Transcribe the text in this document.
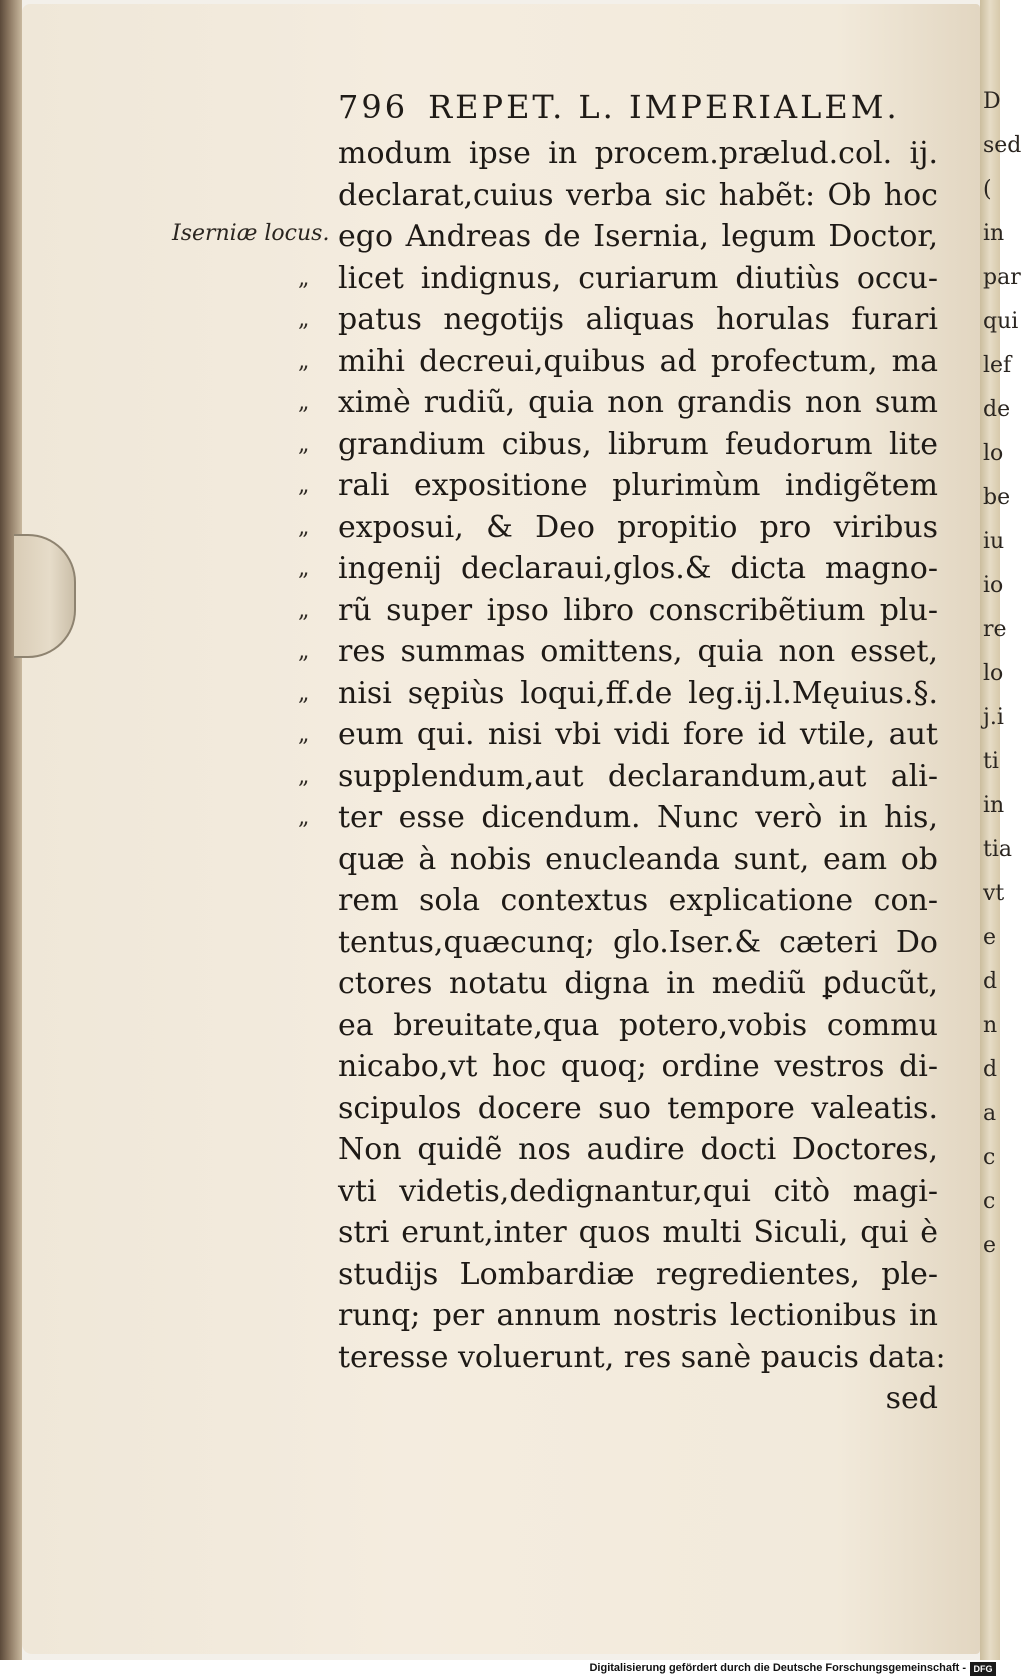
D
sed
(
in
par
qui
lef
de
lo
be
iu
io
re
lo
j.i
ti
in
tia
vt
e
d
n
d
a
c
c
e
796 REPET. L. IMPERIALEM.
Iserniæ locus.
modum ipse in procem.prælud.col. ij.
declarat,cuius verba sic habẽt: Ob hoc
ego Andreas de Isernia, legum Doctor,
„ licet indignus, curiarum diutiùs occu-
„ patus negotijs aliquas horulas furari
„ mihi decreui,quibus ad profectum, ma
„ ximè rudiũ, quia non grandis non sum
„ grandium cibus, librum feudorum lite
„ rali expositione plurimùm indigẽtem
„ exposui, & Deo propitio pro viribus
„ ingenij declaraui,glos.& dicta magno-
„ rũ super ipso libro conscribẽtium plu-
„ res summas omittens, quia non esset,
„ nisi sępiùs loqui,ff.de leg.ij.l.Męuius.§.
„ eum qui. nisi vbi vidi fore id vtile, aut
„ supplendum,aut declarandum,aut ali-
„ ter esse dicendum. Nunc verò in his,
quæ à nobis enucleanda sunt, eam ob
rem sola contextus explicatione con-
tentus,quæcunq; glo.Iser.& cæteri Do
ctores notatu digna in mediũ ꝑducũt,
ea breuitate,qua potero,vobis commu
nicabo,vt hoc quoq; ordine vestros di-
scipulos docere suo tempore valeatis.
Non quidẽ nos audire docti Doctores,
vti videtis,dedignantur,qui citò magi-
stri erunt,inter quos multi Siculi, qui è
studijs Lombardiæ regredientes, ple-
runq; per annum nostris lectionibus in
teresse voluerunt, res sanè paucis data:
sed
Digitalisierung gefördert durch die Deutsche Forschungsgemeinschaft - DFG
